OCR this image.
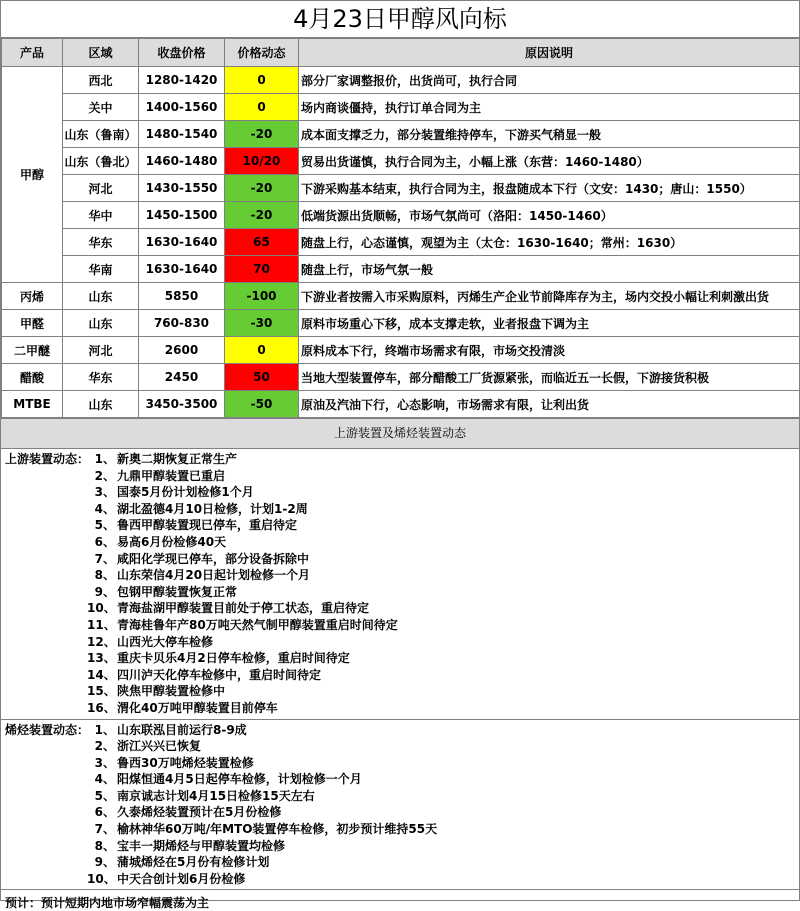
4月23日甲醇风向标
产品	区域	收盘价格	价格动态	原因说明
甲醇	西北	1280-1420	0	部分厂家调整报价，出货尚可，执行合同
	关中	1400-1560	0	场内商谈僵持，执行订单合同为主
	山东（鲁南）	1480-1540	-20	成本面支撑乏力，部分装置维持停车，下游买气稍显一般
	山东（鲁北）	1460-1480	10/20	贸易出货谨慎，执行合同为主，小幅上涨（东营：1460-1480）
	河北	1430-1550	-20	下游采购基本结束，执行合同为主，报盘随成本下行（文安：1430；唐山：1550）
	华中	1450-1500	-20	低端货源出货顺畅，市场气氛尚可（洛阳：1450-1460）
	华东	1630-1640	65	随盘上行，心态谨慎，观望为主（太仓：1630-1640；常州：1630）
	华南	1630-1640	70	随盘上行，市场气氛一般
丙烯	山东	5850	-100	下游业者按需入市采购原料，丙烯生产企业节前降库存为主，场内交投小幅让利刺激出货
甲醛	山东	760-830	-30	原料市场重心下移，成本支撑走软，业者报盘下调为主
二甲醚	河北	2600	0	原料成本下行，终端市场需求有限，市场交投清淡
醋酸	华东	2450	50	当地大型装置停车，部分醋酸工厂货源紧张，而临近五一长假，下游接货积极
MTBE	山东	3450-3500	-50	原油及汽油下行，心态影响，市场需求有限，让利出货
上游装置及烯烃装置动态
上游装置动态： 1、 新奥二期恢复正常生产
2、 九鼎甲醇装置已重启
3、 国泰5月份计划检修1个月
4、 湖北盈德4月10日检修，计划1-2周
5、 鲁西甲醇装置现已停车，重启待定
6、 易高6月份检修40天
7、 咸阳化学现已停车，部分设备拆除中
8、 山东荣信4月20日起计划检修一个月
9、 包钢甲醇装置恢复正常
10、青海盐湖甲醇装置目前处于停工状态，重启待定
11、青海桂鲁年产80万吨天然气制甲醇装置重启时间待定
12、山西光大停车检修
13、重庆卡贝乐4月2日停车检修，重启时间待定
14、四川泸天化停车检修中，重启时间待定
15、陕焦甲醇装置检修中
16、渭化40万吨甲醇装置目前停车
烯烃装置动态： 1、 山东联泓目前运行8-9成
2、 浙江兴兴已恢复
3、 鲁西30万吨烯烃装置检修
4、 阳煤恒通4月5日起停车检修，计划检修一个月
5、 南京诚志计划4月15日检修15天左右
6、 久泰烯烃装置预计在5月份检修
7、 榆林神华60万吨/年MTO装置停车检修，初步预计维持55天
8、 宝丰一期烯烃与甲醇装置均检修
9、 蒲城烯烃在5月份有检修计划
10、中天合创计划6月份检修
预计：预计短期内地市场窄幅震荡为主
